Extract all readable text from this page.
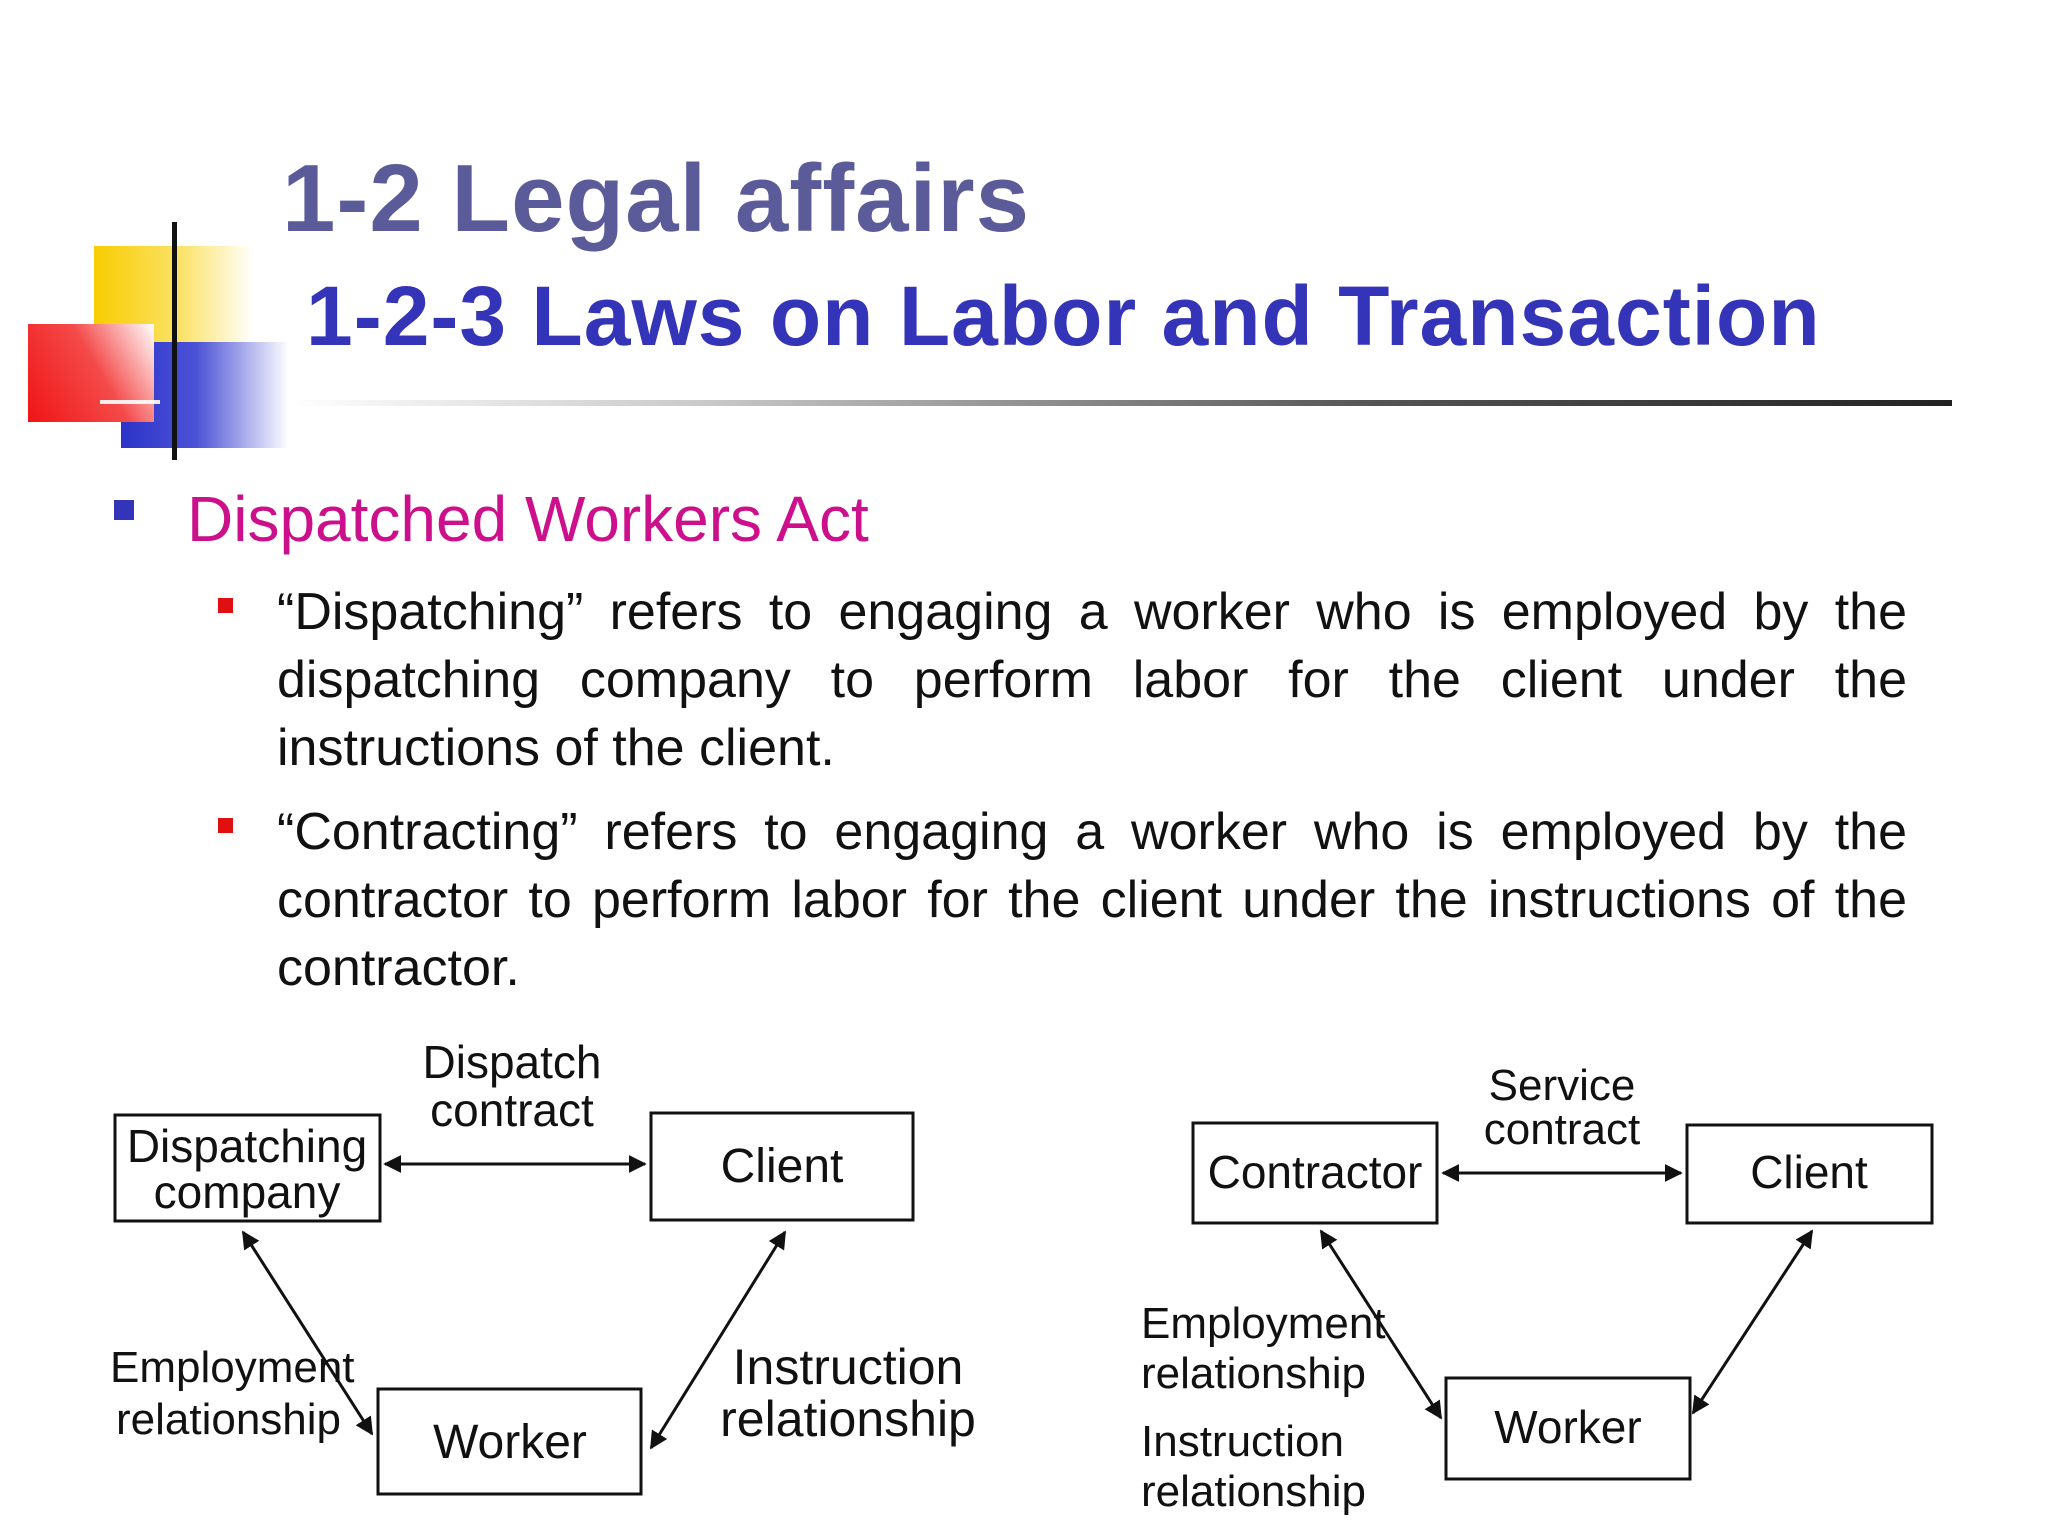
1-2 Legal affairs
1-2-3 Laws on Labor and Transaction
Dispatched Workers Act
“Dispatching” refers to engaging a worker who is employed by the dispatching company to perform labor for the client under the instructions of the client.
“Contracting” refers to engaging a worker who is employed by the contractor to perform labor for the client under the instructions of the contractor.
Dispatching
company	Client
Worker
Dispatch
contract
Employment
relationship
Instruction
relationship
Contractor	Client
Worker
Service
contract
Employment
relationship
Instruction
relationship
